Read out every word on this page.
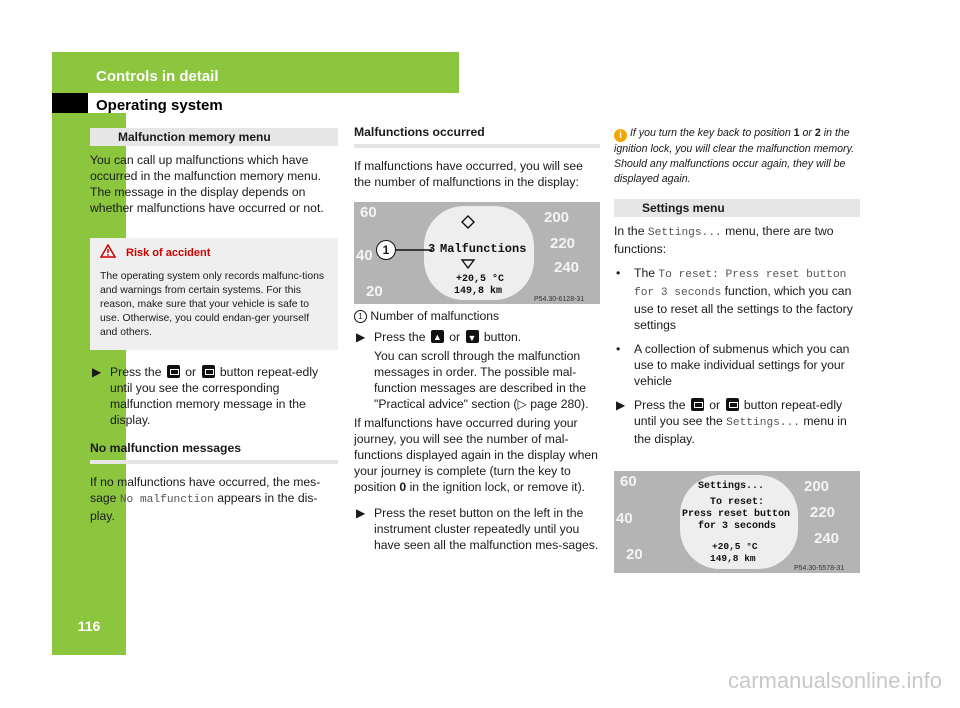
Controls in detail
Operating system
116
Malfunction memory menu

You can call up malfunctions which have occurred in the malfunction memory menu. The message in the display depends on whether malfunctions have occurred or not.

Risk of accident

The operating system only records malfunc-tions and warnings from certain systems. For this reason, make sure that your vehicle is safe to use. Otherwise, you could endan-ger yourself and others.

▶ Press the or button repeat-edly until you see the corresponding malfunction memory message in the display.
No malfunction messages

If no malfunctions have occurred, the mes-sage No malfunction appears in the dis-play.

Malfunctions occurred

If malfunctions have occurred, you will see the number of malfunctions in the display:

60
40
20
200
220
240
1	3 Malfunctions
+20,5 °C
149,8 km
P54.30-6128-31

1 Number of malfunctions

▶ Press the ▲ or ▼ button.
You can scroll through the malfunction messages in order. The possible mal-function messages are described in the "Practical advice" section (▷ page 280).

If malfunctions have occurred during your journey, you will see the number of mal-functions displayed again in the display when your journey is complete (turn the key to position 0 in the ignition lock, or remove it).

▶ Press the reset button on the left in the instrument cluster repeatedly until you have seen all the malfunction mes-sages.

i If you turn the key back to position 1 or 2 in the ignition lock, you will clear the malfunction memory. Should any malfunctions occur again, they will be displayed again.

Settings menu

In the Settings... menu, there are two functions:

• The To reset: Press reset button for 3 seconds function, which you can use to reset all the settings to the factory settings
• A collection of submenus which you can use to make individual settings for your vehicle
▶ Press the or button repeat-edly until you see the Settings... menu in the display.
60
40
20
200
220
240
Settings...
To reset:
Press reset button
for 3 seconds
+20,5 °C
149,8 km
P54.30-5578-31
carmanualsonline.info
